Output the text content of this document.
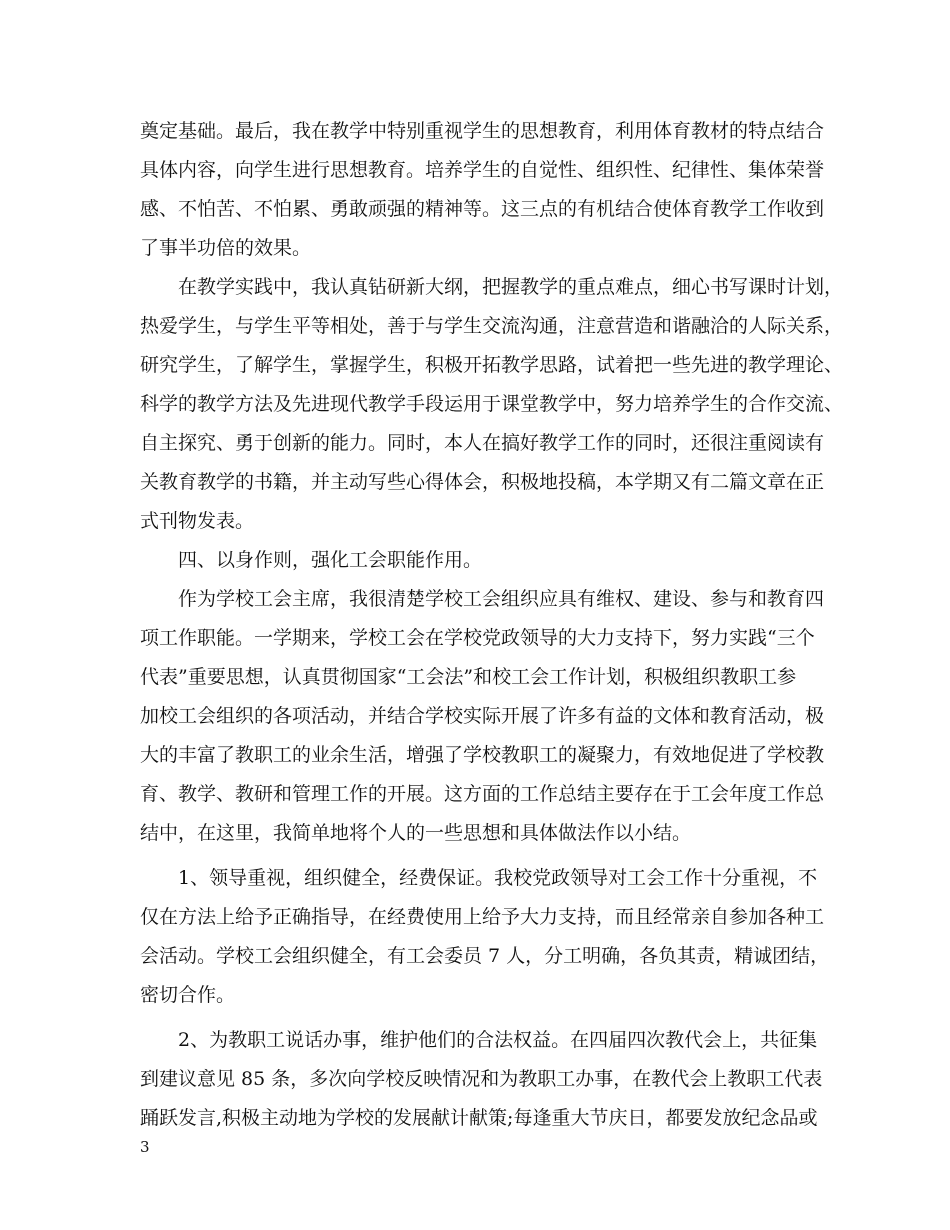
奠定基础。最后，我在教学中特别重视学生的思想教育，利用体育教材的特点结合
具体内容，向学生进行思想教育。培养学生的自觉性、组织性、纪律性、集体荣誉
感、不怕苦、不怕累、勇敢顽强的精神等。这三点的有机结合使体育教学工作收到
了事半功倍的效果。
在教学实践中，我认真钻研新大纲，把握教学的重点难点，细心书写课时计划，
热爱学生，与学生平等相处，善于与学生交流沟通，注意营造和谐融洽的人际关系，
研究学生，了解学生，掌握学生，积极开拓教学思路，试着把一些先进的教学理论、
科学的教学方法及先进现代教学手段运用于课堂教学中，努力培养学生的合作交流、
自主探究、勇于创新的能力。同时，本人在搞好教学工作的同时，还很注重阅读有
关教育教学的书籍，并主动写些心得体会，积极地投稿，本学期又有二篇文章在正
式刊物发表。
四、以身作则，强化工会职能作用。
作为学校工会主席，我很清楚学校工会组织应具有维权、建设、参与和教育四
项工作职能。一学期来，学校工会在学校党政领导的大力支持下，努力实践“三个
代表”重要思想，认真贯彻国家“工会法”和校工会工作计划，积极组织教职工参
加校工会组织的各项活动，并结合学校实际开展了许多有益的文体和教育活动，极
大的丰富了教职工的业余生活，增强了学校教职工的凝聚力，有效地促进了学校教
育、教学、教研和管理工作的开展。这方面的工作总结主要存在于工会年度工作总
结中，在这里，我简单地将个人的一些思想和具体做法作以小结。
1、领导重视，组织健全，经费保证。我校党政领导对工会工作十分重视，不
仅在方法上给予正确指导，在经费使用上给予大力支持，而且经常亲自参加各种工
会活动。学校工会组织健全，有工会委员 7 人，分工明确，各负其责，精诚团结，
密切合作。
2、为教职工说话办事，维护他们的合法权益。在四届四次教代会上，共征集
到建议意见 85 条，多次向学校反映情况和为教职工办事，在教代会上教职工代表
踊跃发言,积极主动地为学校的发展献计献策;每逢重大节庆日，都要发放纪念品或
3
